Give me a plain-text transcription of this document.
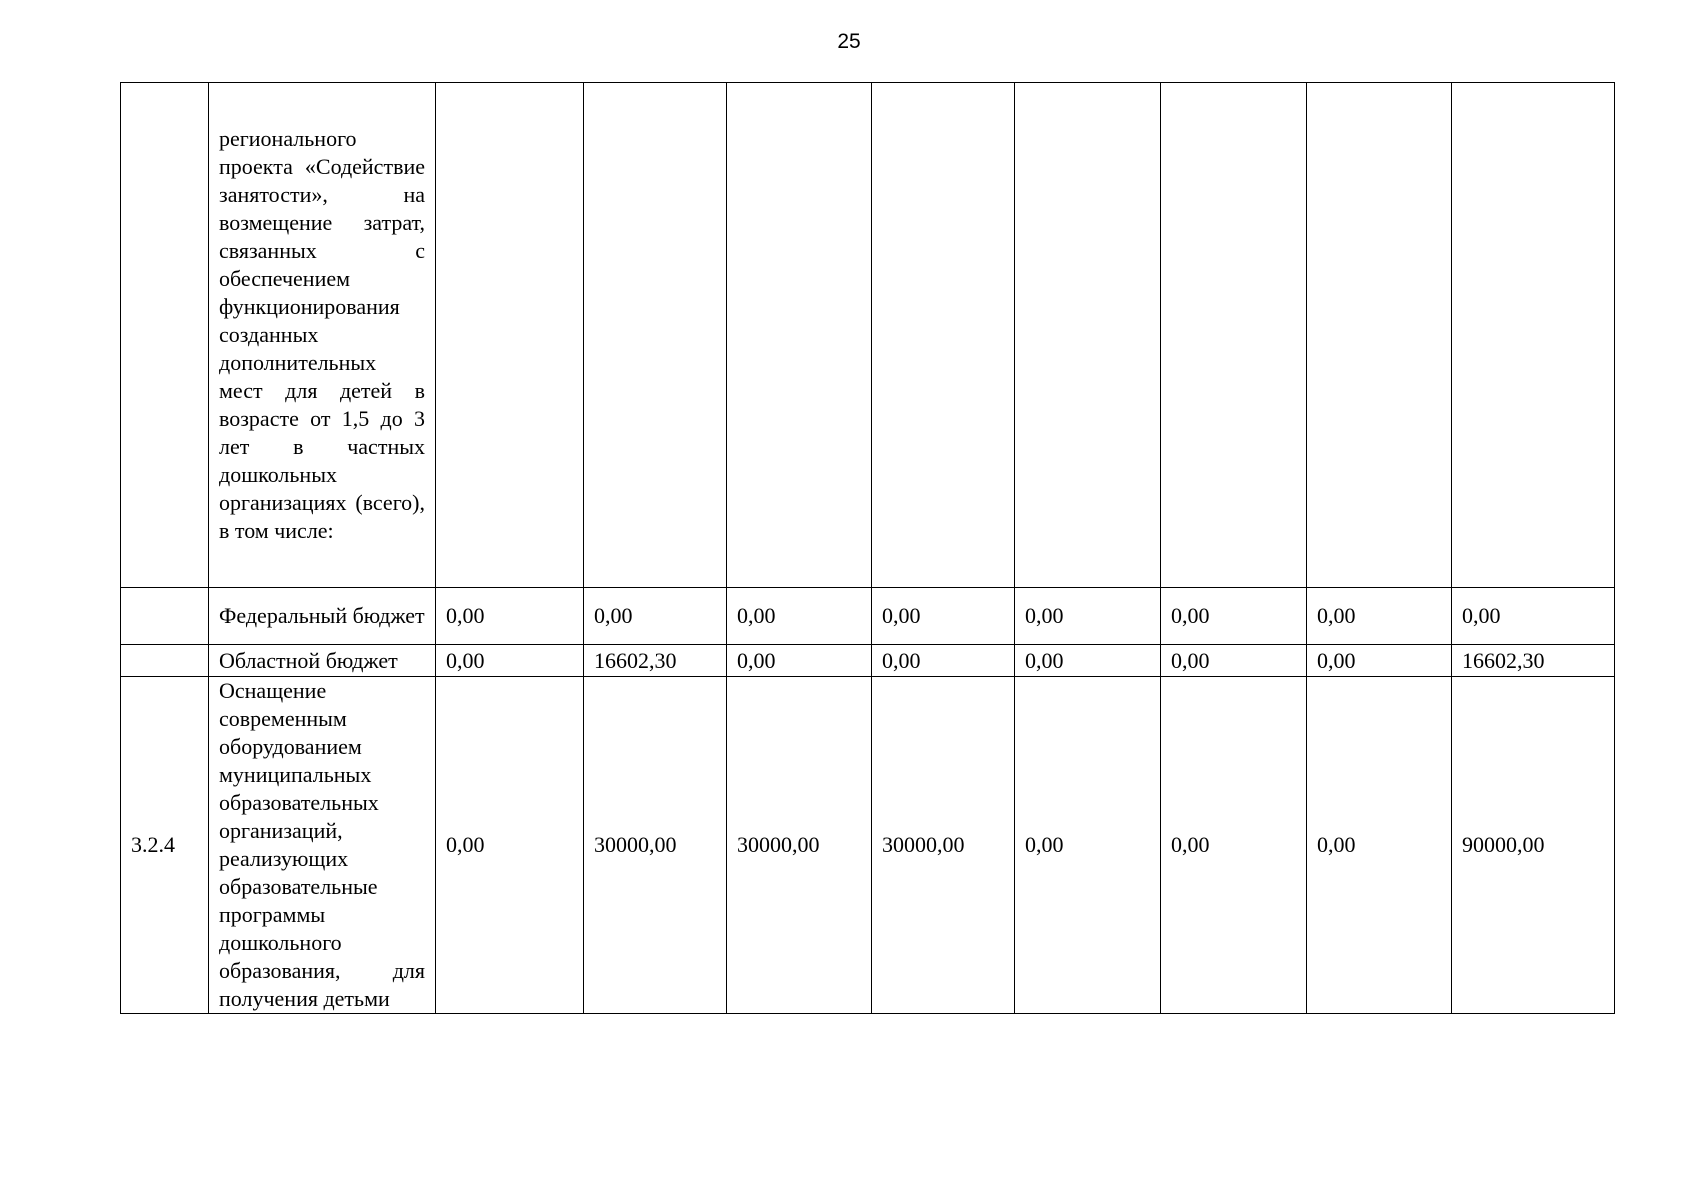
25
	регионального проекта «Содействие занятости», на возмещение затрат, связанных с обеспечением функционирования созданных дополнительных мест для детей в возрасте от 1,5 до 3 лет в частных дошкольных организациях (всего), в том числе:								
	Федеральный бюджет	0,00	0,00	0,00	0,00	0,00	0,00	0,00	0,00
	Областной бюджет	0,00	16602,30	0,00	0,00	0,00	0,00	0,00	16602,30
3.2.4	Оснащение современным оборудованием муниципальных образовательных организаций, реализующих образовательные программы дошкольного образования, для получения детьми	0,00	30000,00	30000,00	30000,00	0,00	0,00	0,00	90000,00
